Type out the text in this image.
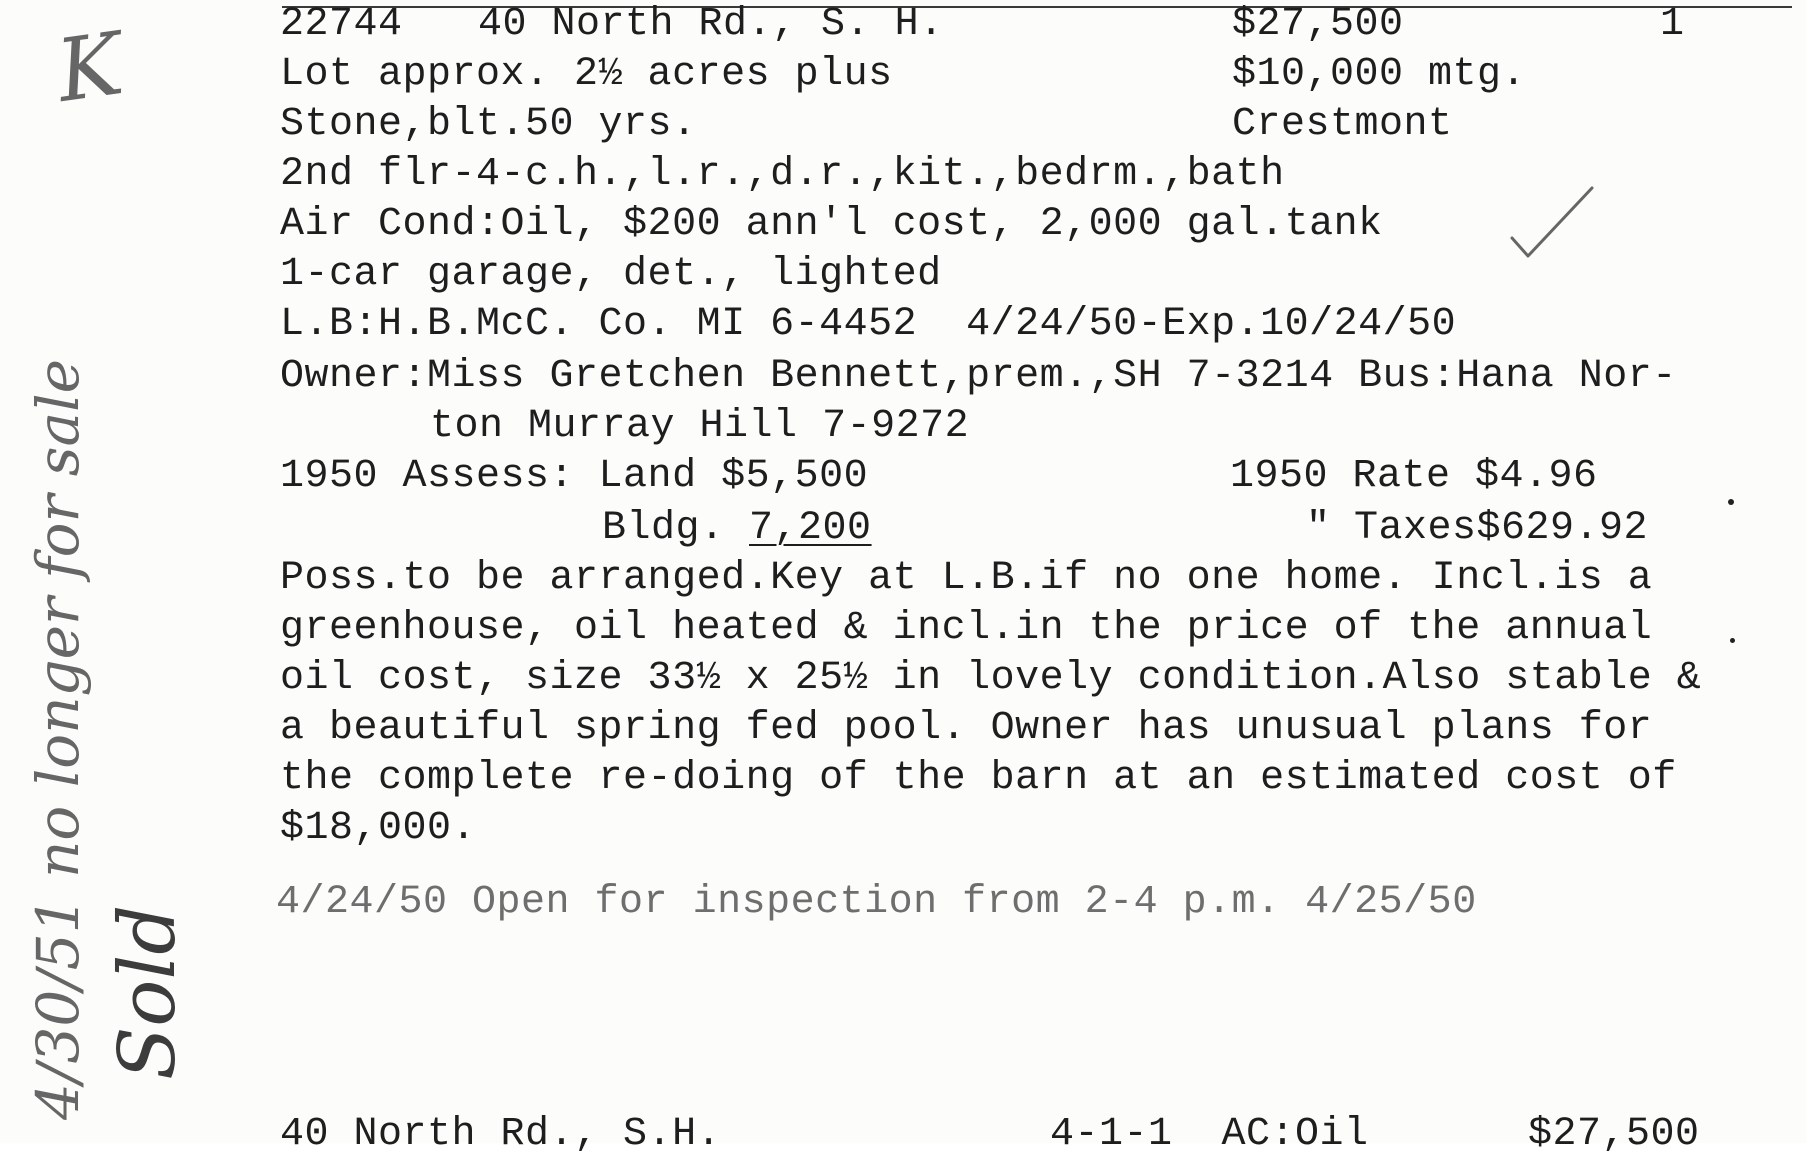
22744 40 North Rd., S. H.	$27,500	1
Lot approx. 2½ acres plus	$10,000 mtg.
Stone,blt.50 yrs.	Crestmont
2nd flr-4-c.h.,l.r.,d.r.,kit.,bedrm.,bath
Air Cond:Oil, $200 ann'l cost, 2,000 gal.tank
1-car garage, det., lighted
L.B:H.B.McC. Co. MI 6-4452  4/24/50-Exp.10/24/50
Owner:Miss Gretchen Bennett,prem.,SH 7-3214 Bus:Hana Nor-
ton Murray Hill 7-9272
1950 Assess: Land $5,500	1950 Rate $4.96
Bldg. 7,200	" Taxes$629.92
Poss.to be arranged.Key at L.B.if no one home. Incl.is a
greenhouse, oil heated & incl.in the price of the annual
oil cost, size 33½ x 25½ in lovely condition.Also stable &
a beautiful spring fed pool. Owner has unusual plans for
the complete re-doing of the barn at an estimated cost of
$18,000.
4/24/50 Open for inspection from 2-4 p.m. 4/25/50
40 North Rd., S.H.	4-1-1  AC:Oil	$27,500
K
4/30/51 no longer for sale Sold
